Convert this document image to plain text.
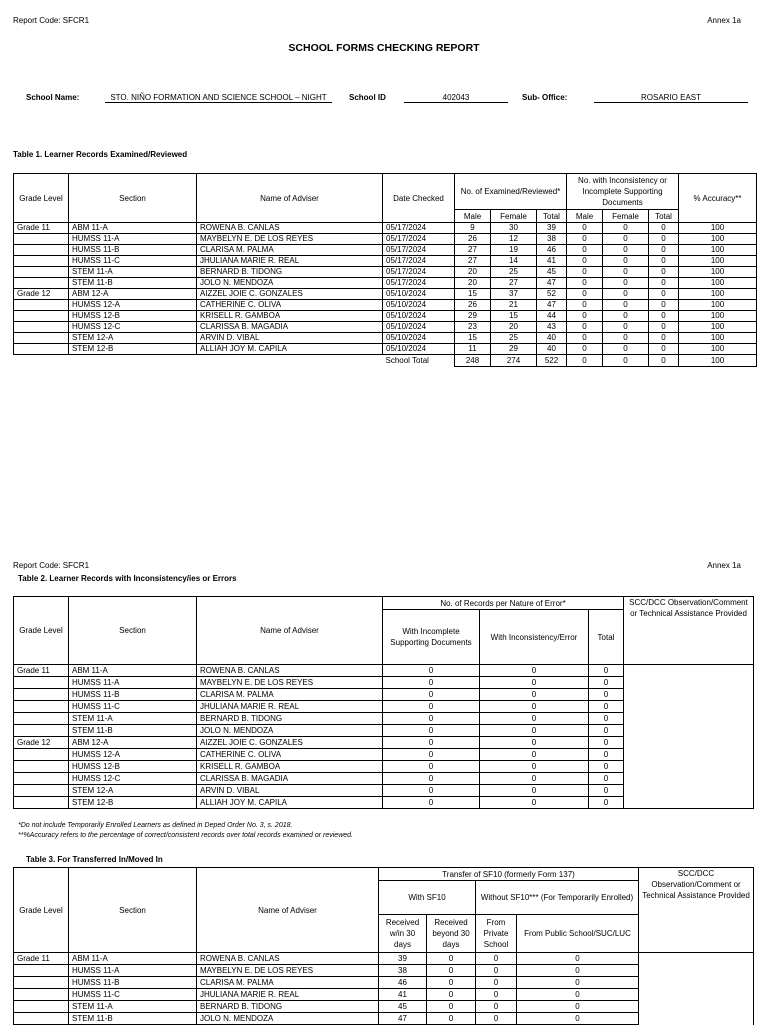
Report Code: SFCR1	Annex 1a
SCHOOL FORMS CHECKING REPORT
School Name:	STO. NIÑO FORMATION AND SCIENCE SCHOOL – NIGHT	School ID	402043	Sub- Office:	ROSARIO EAST
Table 1. Learner Records Examined/Reviewed
Grade Level	Section	Name of Adviser	Date Checked	No. of Examined/Reviewed*			No. with Inconsistency or Incomplete Supporting Documents			% Accuracy**
				Male	Female	Total	Male	Female	Total	
Grade 11	ABM 11-A	ROWENA B. CANLAS	05/17/2024	9	30	39	0	0	0	100
	HUMSS 11-A	MAYBELYN E. DE LOS REYES	05/17/2024	26	12	38	0	0	0	100
	HUMSS 11-B	CLARISA M. PALMA	05/17/2024	27	19	46	0	0	0	100
	HUMSS 11-C	JHULIANA MARIE R. REAL	05/17/2024	27	14	41	0	0	0	100
	STEM 11-A	BERNARD B. TIDONG	05/17/2024	20	25	45	0	0	0	100
	STEM 11-B	JOLO N. MENDOZA	05/17/2024	20	27	47	0	0	0	100
Grade 12	ABM 12-A	AIZZEL JOIE C. GONZALES	05/10/2024	15	37	52	0	0	0	100
	HUMSS 12-A	CATHERINE C. OLIVA	05/10/2024	26	21	47	0	0	0	100
	HUMSS 12-B	KRISELL R. GAMBOA	05/10/2024	29	15	44	0	0	0	100
	HUMSS 12-C	CLARISSA B. MAGADIA	05/10/2024	23	20	43	0	0	0	100
	STEM 12-A	ARVIN D. VIBAL	05/10/2024	15	25	40	0	0	0	100
	STEM 12-B	ALLIAH JOY M. CAPILA	05/10/2024	11	29	40	0	0	0	100
			School Total	248	274	522	0	0	0	100
Report Code: SFCR1	Annex 1a
Table 2. Learner Records with Inconsistency/ies or Errors
Grade Level	Section	Name of Adviser	No. of Records per Nature of Error*			SCC/DCC Observation/Comment or Technical Assistance Provided
			With Incomplete Supporting Documents	With Inconsistency/Error	Total	
Grade 11	ABM 11-A	ROWENA B. CANLAS	0	0	0	
	HUMSS 11-A	MAYBELYN E. DE LOS REYES	0	0	0	
	HUMSS 11-B	CLARISA M. PALMA	0	0	0	
	HUMSS 11-C	JHULIANA MARIE R. REAL	0	0	0	
	STEM 11-A	BERNARD B. TIDONG	0	0	0	
	STEM 11-B	JOLO N. MENDOZA	0	0	0	
Grade 12	ABM 12-A	AIZZEL JOIE C. GONZALES	0	0	0	
	HUMSS 12-A	CATHERINE C. OLIVA	0	0	0	
	HUMSS 12-B	KRISELL R. GAMBOA	0	0	0	
	HUMSS 12-C	CLARISSA B. MAGADIA	0	0	0	
	STEM 12-A	ARVIN D. VIBAL	0	0	0	
	STEM 12-B	ALLIAH JOY M. CAPILA	0	0	0	
*Do not include Temporarily Enrolled Learners as defined in Deped Order No. 3, s. 2018.
**%Accuracy refers to the percentage of correct/consistent records over total records examined or reviewed.
Table 3. For Transferred In/Moved In
Grade Level	Section	Name of Adviser	Transfer of SF10 (formerly Form 137)				SCC/DCC Observation/Comment or Technical Assistance Provided
			With SF10		Without SF10*** (For Temporarily Enrolled)		
			Received w/in 30 days	Received beyond 30 days	From Private School	From Public School/SUC/LUC	
Grade 11	ABM 11-A	ROWENA B. CANLAS	39	0	0	0	
	HUMSS 11-A	MAYBELYN E. DE LOS REYES	38	0	0	0	
	HUMSS 11-B	CLARISA M. PALMA	46	0	0	0	
	HUMSS 11-C	JHULIANA MARIE R. REAL	41	0	0	0	
	STEM 11-A	BERNARD B. TIDONG	45	0	0	0	
	STEM 11-B	JOLO N. MENDOZA	47	0	0	0	
